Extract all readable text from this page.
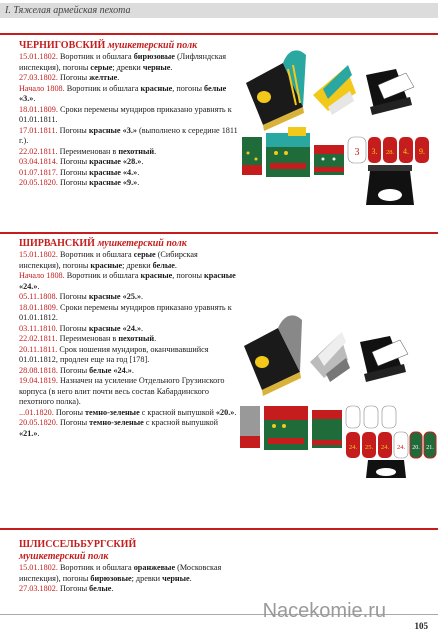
I. Тяжелая армейская пехота
ЧЕРНИГОВСКИЙ мушкетерский полк

15.01.1802. Воротник и обшлага бирюзовые (Лифляндская инспекция), погоны серые; древки черные.

27.03.1802. Погоны желтые.

Начало 1808. Воротник и обшлага красные, погоны белые «3.».

18.01.1809. Сроки перемены мундиров приказано уравнять к 01.01.1811.

17.01.1811. Погоны красные «3.» (выполнено к середине 1811 г.).

22.02.1811. Переименован в пехотный.

03.04.1814. Погоны красные «28.».

01.07.1817. Погоны красные «4.».

20.05.1820. Погоны красные «9.».

ШИРВАНСКИЙ мушкетерский полк

15.01.1802. Воротник и обшлага серые (Сибирская инспекция), погоны красные; древки белые.

Начало 1808. Воротник и обшлага красные, погоны красные «24.».

05.11.1808. Погоны красные «25.».

18.01.1809. Сроки перемены мундиров приказано уравнять к 01.01.1812.

03.11.1810. Погоны красные «24.».

22.02.1811. Переименован в пехотный.

20.11.1811. Срок ношения мундиров, оканчивавшийся 01.01.1812, продлен еще на год [178].

28.08.1818. Погоны белые «24.».

19.04.1819. Назначен на усиление Отдельного Грузинского корпуса (в него влит почти весь состав Кабардинского пехотного полка).

...01.1820. Погоны темно-зеленые с красной выпушкой «20.».

20.05.1820. Погоны темно-зеленые с красной выпушкой «21.».

ШЛИССЕЛЬБУРГСКИЙ
мушкетерский полк

15.01.1802. Воротник и обшлага оранжевые (Московская инспекция), погоны бирюзовые; древки черные.

27.03.1802. Погоны белые.

3 3. 28. 4. 9.
24. 25. 24. 24. 20. 21.
Nacekomie.ru
105
